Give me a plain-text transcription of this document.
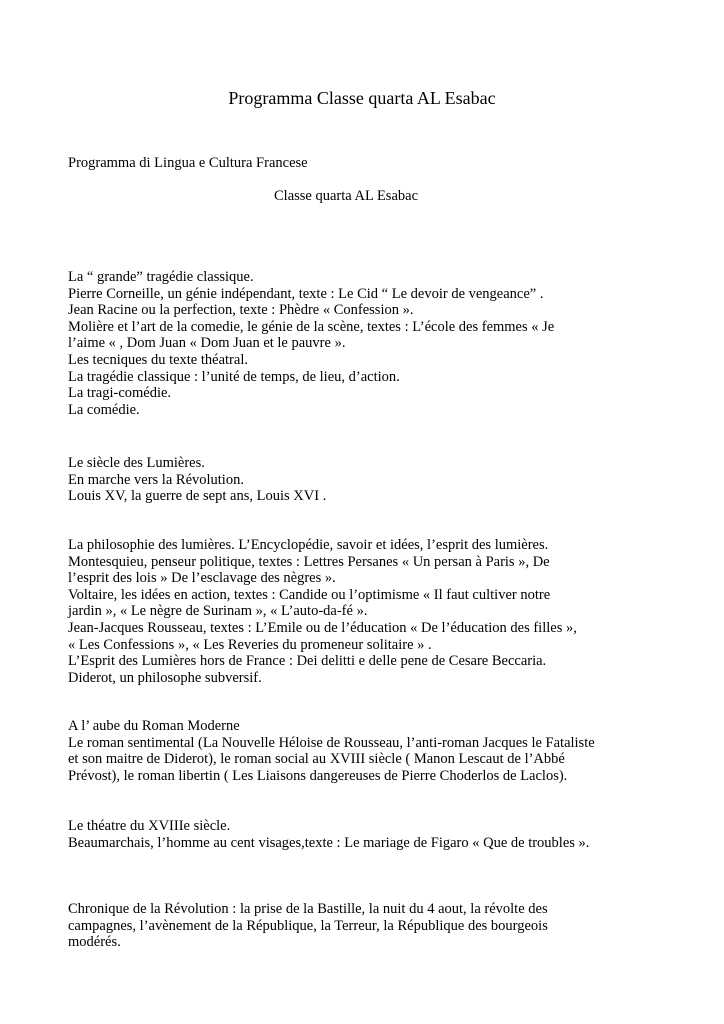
Programma Classe quarta AL Esabac
Programma di Lingua e Cultura Francese
Classe quarta AL Esabac
La “ grande” tragédie classique.
Pierre Corneille, un génie indépendant, texte : Le Cid “ Le devoir de vengeance” .
Jean Racine ou la perfection, texte : Phèdre « Confession ».
Molière et l’art de la comedie, le génie de la scène, textes : L’école des femmes « Je
l’aime « , Dom Juan « Dom Juan et le pauvre ».
Les tecniques du texte théatral.
La tragédie classique : l’unité de temps, de lieu, d’action.
La tragi-comédie.
La comédie.
Le siècle des Lumières.
En marche vers la Révolution.
Louis XV, la guerre de sept ans, Louis XVI .
La philosophie des lumières. L’Encyclopédie, savoir et idées, l’esprit des lumières.
Montesquieu, penseur politique, textes : Lettres Persanes « Un persan à Paris », De
l’esprit des lois » De l’esclavage des nègres ».
Voltaire, les idées en action, textes : Candide ou l’optimisme « Il faut cultiver notre
jardin », « Le nègre de Surinam », « L’auto-da-fé ».
Jean-Jacques Rousseau, textes : L’Emile ou de l’éducation « De l’éducation des filles »,
« Les Confessions », « Les Reveries du promeneur solitaire » .
L’Esprit des Lumières hors de France : Dei delitti e delle pene de Cesare Beccaria.
Diderot, un philosophe subversif.
A l’ aube du Roman Moderne
Le roman sentimental (La Nouvelle Héloise de Rousseau, l’anti-roman Jacques le Fataliste
et son maitre de Diderot), le roman social au XVIII siècle ( Manon Lescaut de l’Abbé
Prévost), le roman libertin ( Les Liaisons dangereuses de Pierre Choderlos de Laclos).
Le théatre du XVIIIe siècle.
Beaumarchais, l’homme au cent visages,texte : Le mariage de Figaro « Que de troubles ».
Chronique de la Révolution : la prise de la Bastille, la nuit du 4 aout, la révolte des
campagnes, l’avènement de la République, la Terreur, la République des bourgeois
modérés.
